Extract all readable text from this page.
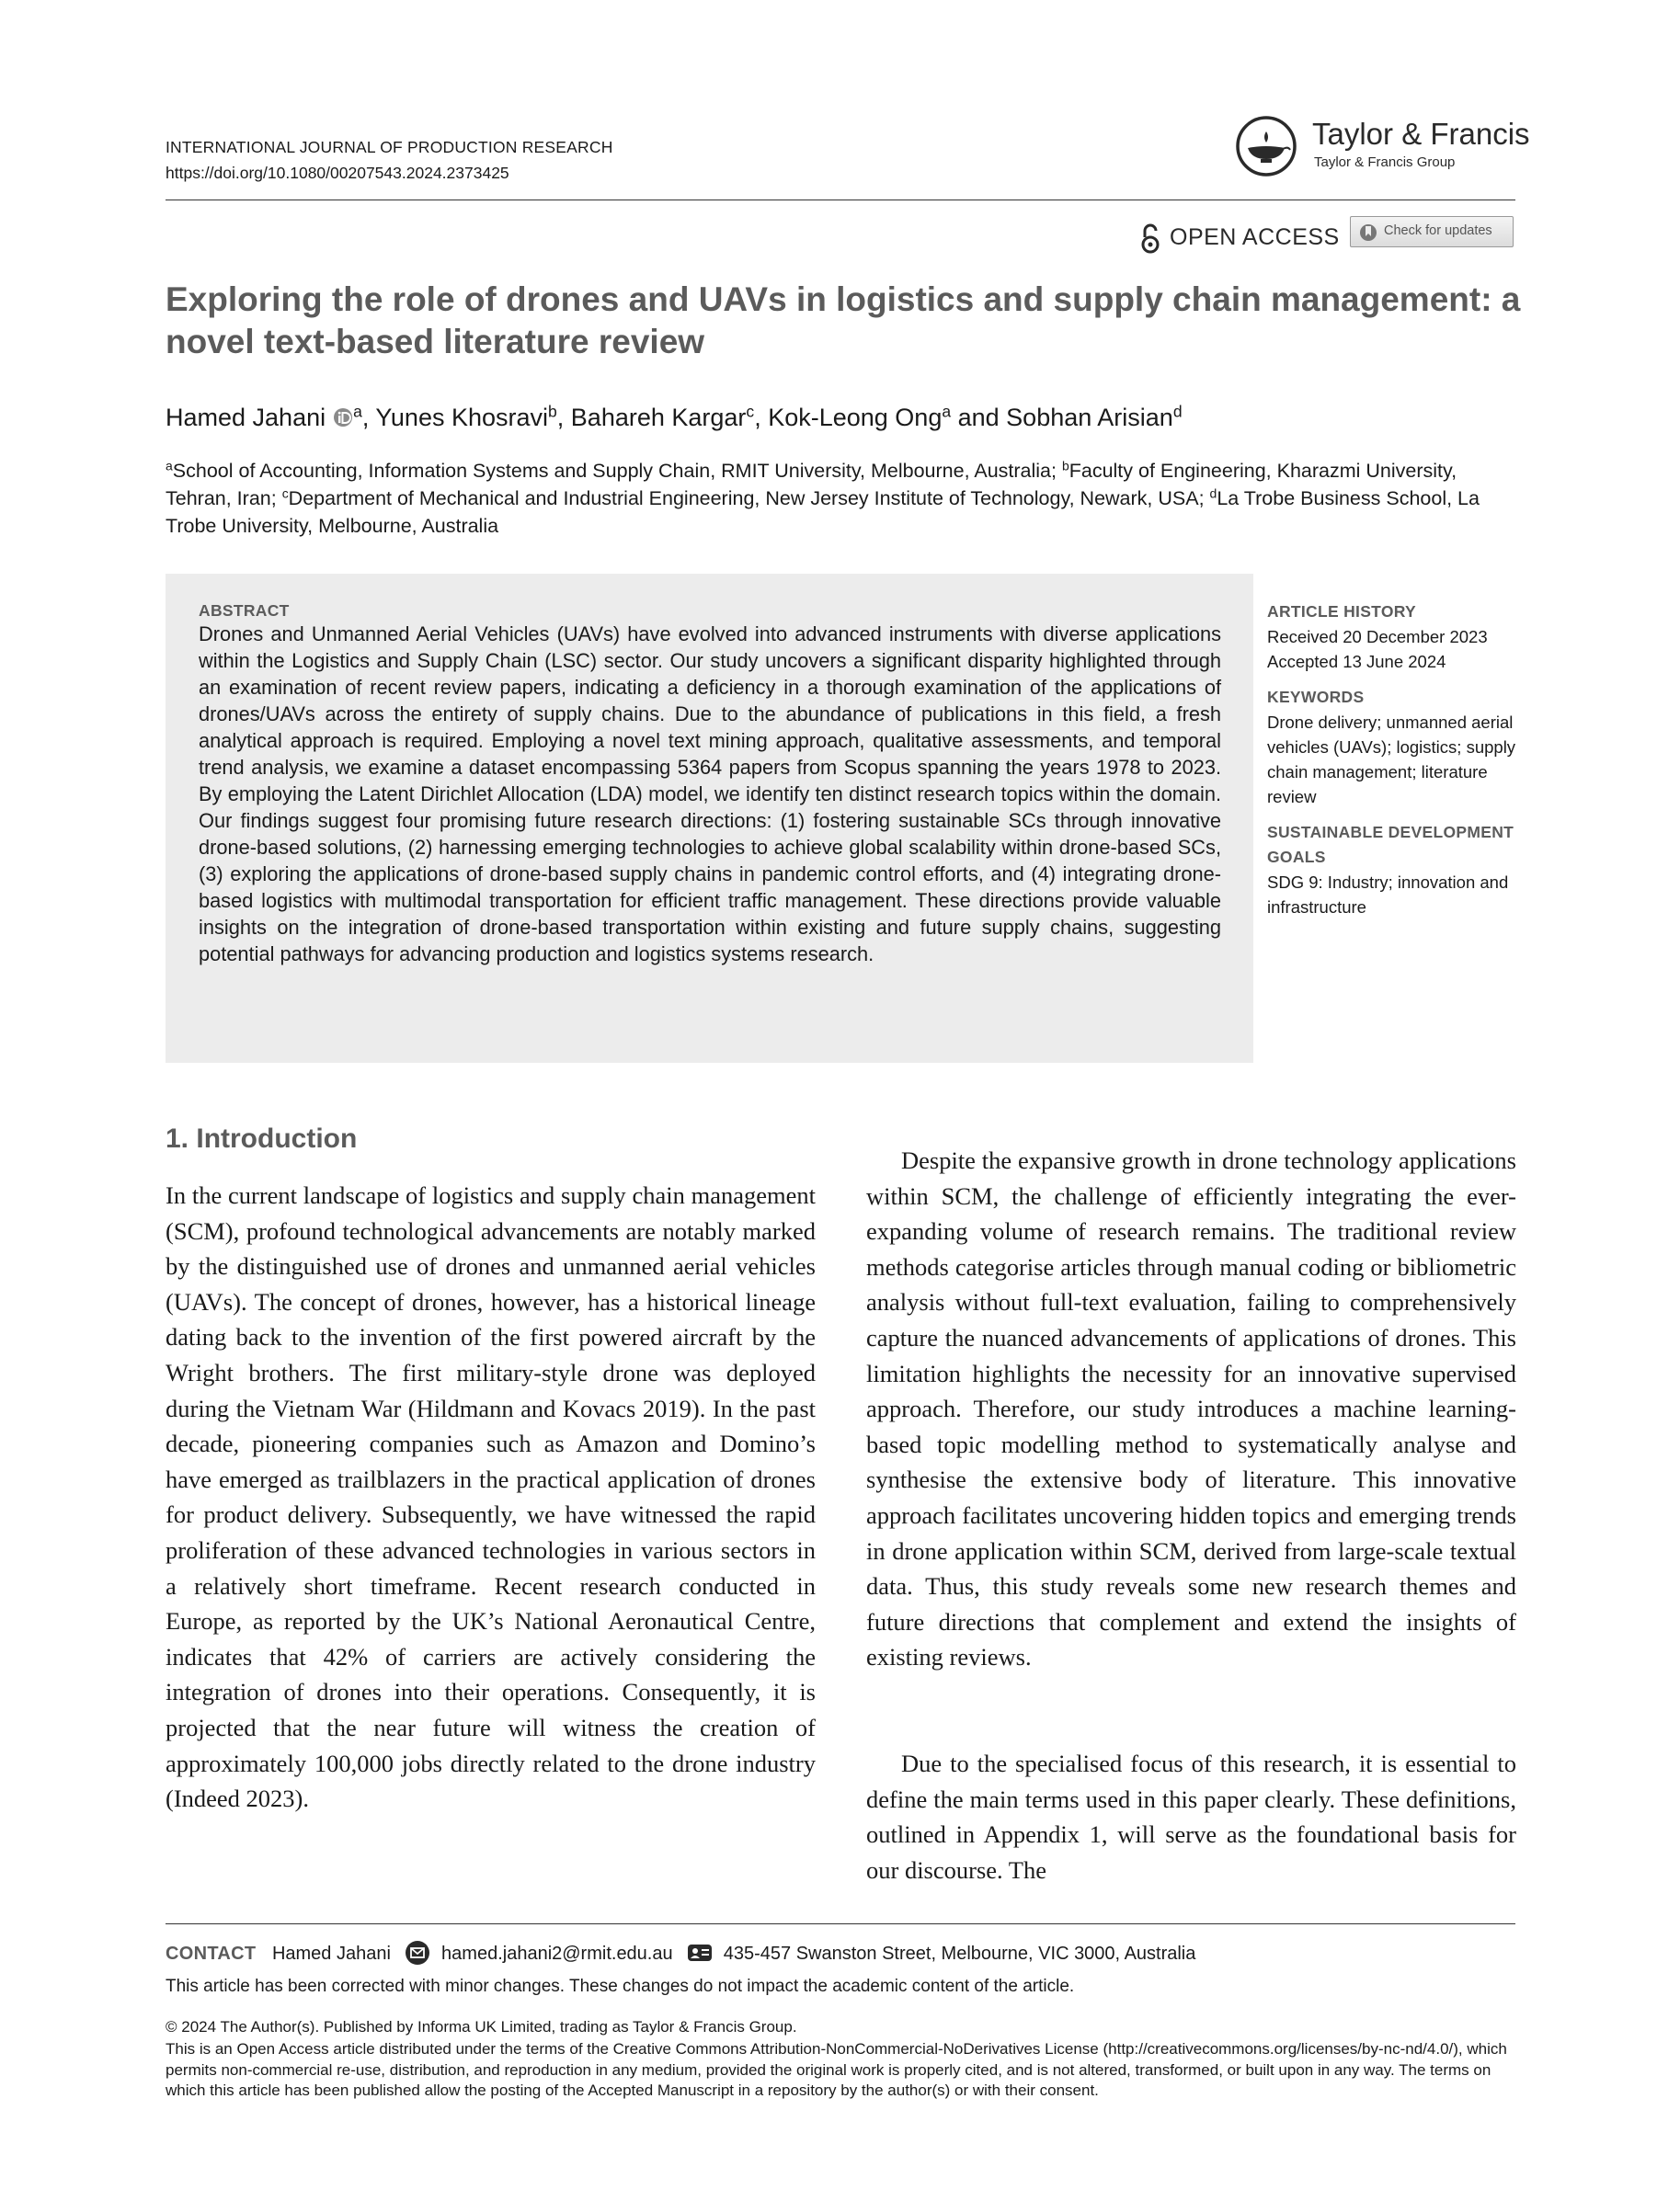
INTERNATIONAL JOURNAL OF PRODUCTION RESEARCH
https://doi.org/10.1080/00207543.2024.2373425
Taylor & Francis
Taylor & Francis Group
OPEN ACCESS	Check for updates
Exploring the role of drones and UAVs in logistics and supply chain management: a novel text-based literature review
Hamed Jahani $^a$, Yunes Khosravi$^b$, Bahareh Kargar$^c$, Kok-Leong Ong$^a$ and Sobhan Arisian$^d$

$^a$School of Accounting, Information Systems and Supply Chain, RMIT University, Melbourne, Australia; $^b$Faculty of Engineering, Kharazmi University, Tehran, Iran; $^c$Department of Mechanical and Industrial Engineering, New Jersey Institute of Technology, Newark, USA; $^d$La Trobe Business School, La Trobe University, Melbourne, Australia

ABSTRACT

Drones and Unmanned Aerial Vehicles (UAVs) have evolved into advanced instruments with diverse applications within the Logistics and Supply Chain (LSC) sector. Our study uncovers a significant disparity highlighted through an examination of recent review papers, indicating a deficiency in a thorough examination of the applications of drones/UAVs across the entirety of supply chains. Due to the abundance of publications in this field, a fresh analytical approach is required. Employing a novel text mining approach, qualitative assessments, and temporal trend analysis, we examine a dataset encompassing 5364 papers from Scopus spanning the years 1978 to 2023. By employing the Latent Dirichlet Allocation (LDA) model, we identify ten distinct research topics within the domain. Our findings suggest four promising future research directions: (1) fostering sustainable SCs through innovative drone-based solutions, (2) harnessing emerging technologies to achieve global scalability within drone-based SCs, (3) exploring the applications of drone-based supply chains in pandemic control efforts, and (4) integrating drone-based logistics with multimodal transportation for efficient traffic management. These directions provide valuable insights on the integration of drone-based transportation within existing and future supply chains, suggesting potential pathways for advancing production and logistics systems research.

ARTICLE HISTORY
Received 20 December 2023
Accepted 13 June 2024
KEYWORDS
Drone delivery; unmanned aerial vehicles (UAVs); logistics; supply chain management; literature review
SUSTAINABLE DEVELOPMENT GOALS
SDG 9: Industry; innovation and infrastructure
1. Introduction

In the current landscape of logistics and supply chain management (SCM), profound technological advancements are notably marked by the distinguished use of drones and unmanned aerial vehicles (UAVs). The concept of drones, however, has a historical lineage dating back to the invention of the first powered aircraft by the Wright brothers. The first military-style drone was deployed during the Vietnam War (Hildmann and Kovacs 2019). In the past decade, pioneering companies such as Amazon and Domino’s have emerged as trailblazers in the practical application of drones for product delivery. Subsequently, we have witnessed the rapid proliferation of these advanced technologies in various sectors in a relatively short timeframe. Recent research conducted in Europe, as reported by the UK’s National Aeronautical Centre, indicates that 42% of carriers are actively considering the integration of drones into their operations. Consequently, it is projected that the near future will witness the creation of approximately 100,000 jobs directly related to the drone industry (Indeed 2023).

Despite the expansive growth in drone technology applications within SCM, the challenge of efficiently integrating the ever-expanding volume of research remains. The traditional review methods categorise articles through manual coding or bibliometric analysis without full-text evaluation, failing to comprehensively capture the nuanced advancements of applications of drones. This limitation highlights the necessity for an innovative supervised approach. Therefore, our study introduces a machine learning-based topic modelling method to systematically analyse and synthesise the extensive body of literature. This innovative approach facilitates uncovering hidden topics and emerging trends in drone application within SCM, derived from large-scale textual data. Thus, this study reveals some new research themes and future directions that complement and extend the insights of existing reviews.

Due to the specialised focus of this research, it is essential to define the main terms used in this paper clearly. These definitions, outlined in Appendix 1, will serve as the foundational basis for our discourse. The

CONTACT Hamed Jahani	hamed.jahani2@rmit.edu.au	435-457 Swanston Street, Melbourne, VIC 3000, Australia
This article has been corrected with minor changes. These changes do not impact the academic content of the article.
© 2024 The Author(s). Published by Informa UK Limited, trading as Taylor & Francis Group.

This is an Open Access article distributed under the terms of the Creative Commons Attribution-NonCommercial-NoDerivatives License (http://creativecommons.org/licenses/by-nc-nd/4.0/), which permits non-commercial re-use, distribution, and reproduction in any medium, provided the original work is properly cited, and is not altered, transformed, or built upon in any way. The terms on which this article has been published allow the posting of the Accepted Manuscript in a repository by the author(s) or with their consent.
